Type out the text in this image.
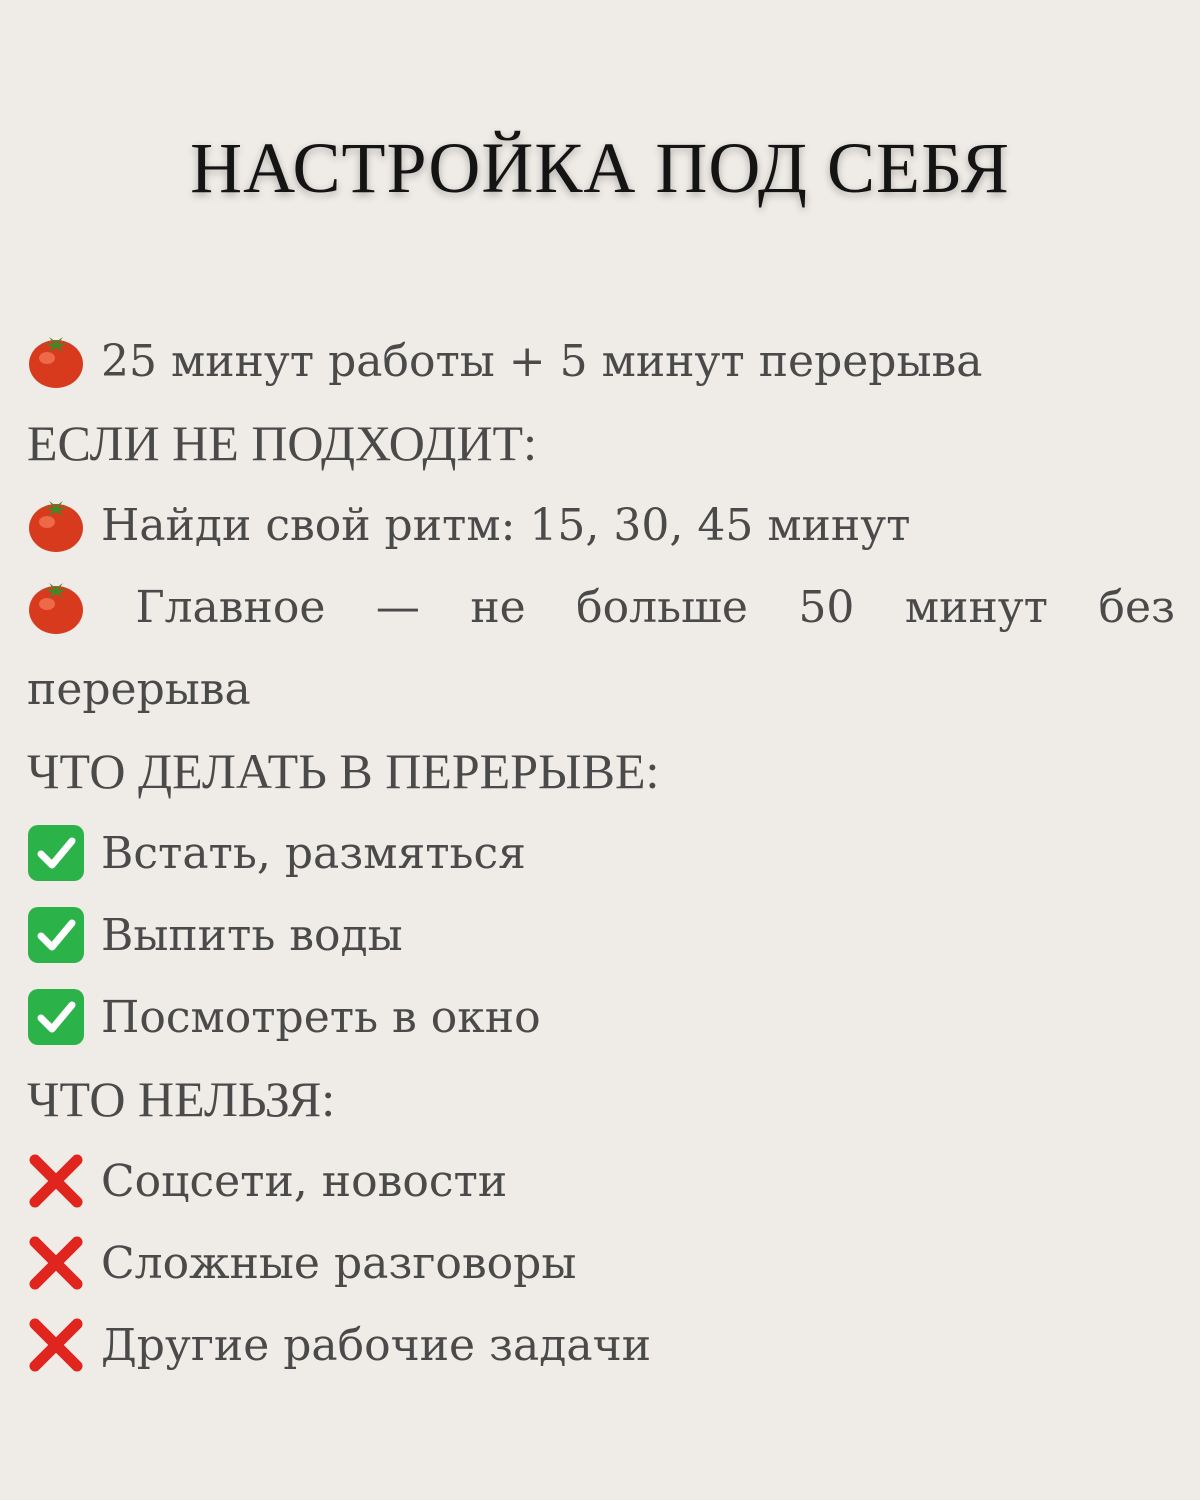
НАСТРОЙКА ПОД СЕБЯ
25 минут работы + 5 минут перерыва
ЕСЛИ НЕ ПОДХОДИТ:
Найди свой ритм: 15, 30, 45 минут
Главное — не больше 50 минут без
перерыва
ЧТО ДЕЛАТЬ В ПЕРЕРЫВЕ:
Встать, размяться
Выпить воды
Посмотреть в окно
ЧТО НЕЛЬЗЯ:
Соцсети, новости
Сложные разговоры
Другие рабочие задачи
